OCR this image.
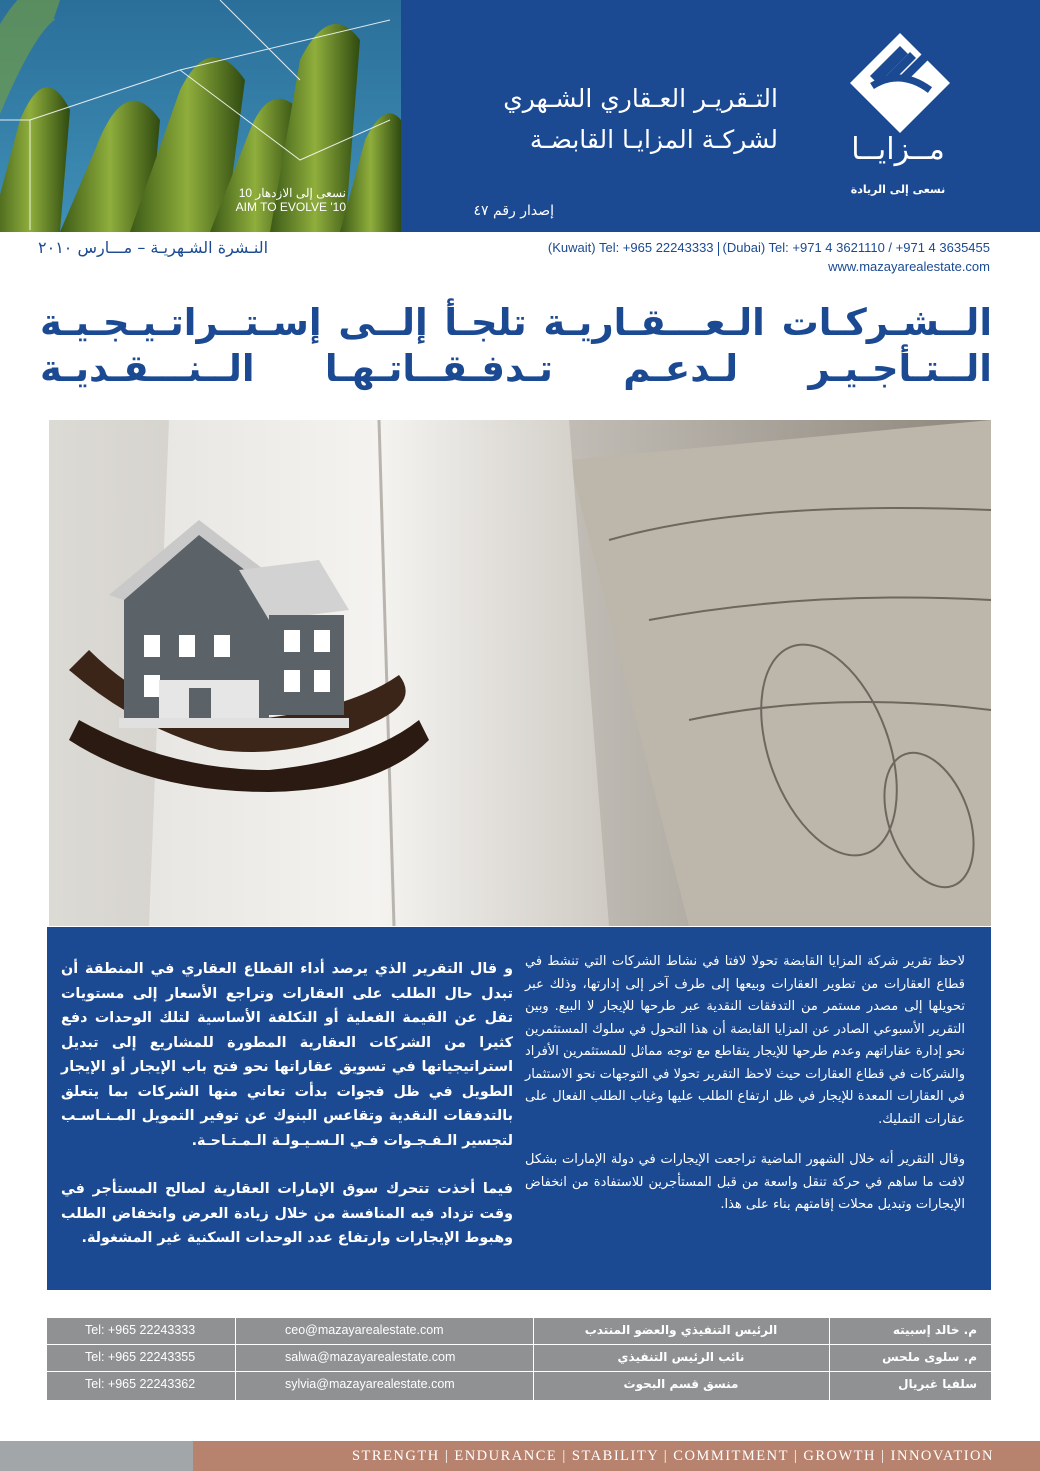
نسعى إلى الازدهار 10
AIM TO EVOLVE '10
التـقريـر العـقاري الشـهري
لشركـة المزايـا القابضـة
إصدار رقم ٤٧
مــزايــا
نسعى إلى الريادة
النـشرة الشـهريـة – مـــارس ٢٠١٠	(Kuwait) Tel: +965 22243333 (Dubai) Tel: +971 4 3621110 / +971 4 3635455
www.mazayarealestate.com
الــشـركـات الـعـــقـاريـة تلجـأ إلــى إسـتــراتـيـجـيـة
الــتـأجـيـر لـدعـم تـدفـقــاتـهـا الــنـــقـديـة

لاحظ تقرير شركة المزايا القابضة تحولا لافتا في نشاط الشركات التي تنشط في قطاع العقارات من تطوير العقارات وبيعها إلى طرف آخر إلى إدارتها، وذلك عبر تحويلها إلى مصدر مستمر من التدفقات النقدية عبر طرحها للإيجار لا البيع. وبين التقرير الأسبوعي الصادر عن المزايا القابضة أن هذا التحول في سلوك المستثمرين نحو إدارة عقاراتهم وعدم طرحها للإيجار يتقاطع مع توجه مماثل للمستثمرين الأفراد والشركات في قطاع العقارات حيث لاحظ التقرير تحولا في التوجهات نحو الاستثمار في العقارات المعدة للإيجار في ظل ارتفاع الطلب عليها وغياب الطلب الفعال على عقارات التمليك.

وقال التقرير أنه خلال الشهور الماضية تراجعت الإيجارات في دولة الإمارات بشكل لافت ما ساهم في حركة تنقل واسعة من قبل المستأجرين للاستفادة من انخفاض الإيجارات وتبديل محلات إقامتهم بناء على هذا.

و قال التقرير الذي يرصد أداء القطاع العقاري في المنطقة أن تبدل حال الطلب على العقارات وتراجع الأسعار إلى مستويات تقل عن القيمة الفعلية أو التكلفة الأساسية لتلك الوحدات دفع كثيرا من الشركات العقارية المطورة للمشاريع إلى تبديل استراتيجياتها في تسويق عقاراتها نحو فتح باب الإيجار أو الإيجار الطويل في ظل فجوات بدأت تعاني منها الشركات بما يتعلق بالتدفقات النقدية وتقاعس البنوك عن توفير التمويل المـنـاسـب لتجسير الـفـجـوات فـي الـسـيـولـة الـمـتـاحـة.

فيما أخذت تتحرك سوق الإمارات العقارية لصالح المستأجر في وقت تزداد فيه المنافسة من خلال زيادة العرض وانخفاض الطلب وهبوط الإيجارات وارتفاع عدد الوحدات السكنية غير المشغولة.

Tel: +965 22243333	ceo@mazayarealestate.com	الرئيس التنفيذي والعضو المنتدب	م. خالد إسبيته
Tel: +965 22243355	salwa@mazayarealestate.com	نائب الرئيس التنفيذي	م. سلوى ملحس
Tel: +965 22243362	sylvia@mazayarealestate.com	منسق قسم البحوث	سلفيا غبريال
STRENGTH | ENDURANCE | STABILITY | COMMITMENT | GROWTH | INNOVATION
